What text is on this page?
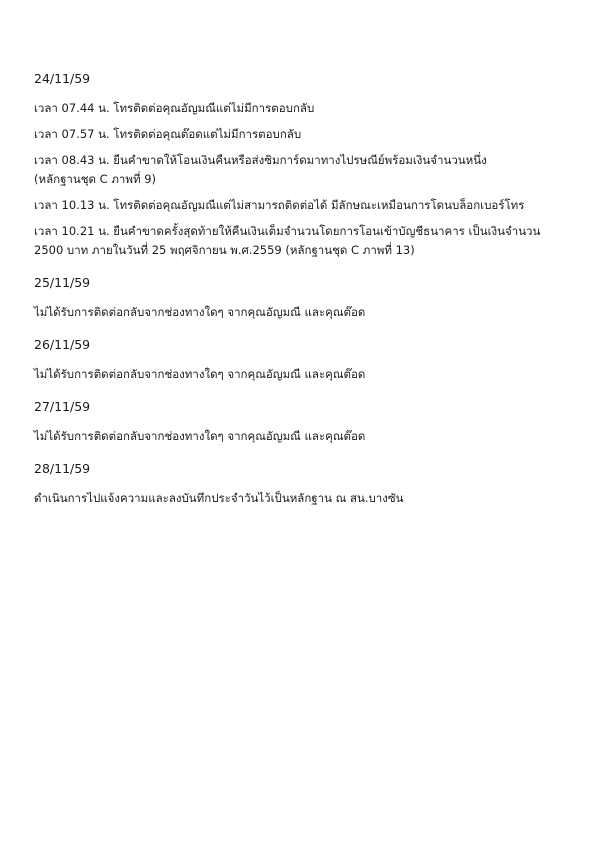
24/11/59

เวลา 07.44 น. โทรติดต่อคุณอัญมณีแต่ไม่มีการตอบกลับ

เวลา 07.57 น. โทรติดต่อคุณต๊อดแต่ไม่มีการตอบกลับ

เวลา 08.43 น. ยืนคำขาดให้โอนเงินคืนหรือส่งซิมการ์ดมาทางไปรษณีย์พร้อมเงินจำนวนหนึ่ง
(หลักฐานชุด C ภาพที่ 9)

เวลา 10.13 น. โทรติดต่อคุณอัญมณีแต่ไม่สามารถติดต่อได้ มีลักษณะเหมือนการโดนบล็อกเบอร์โทร

เวลา 10.21 น. ยืนคำขาดครั้งสุดท้ายให้คืนเงินเต็มจำนวนโดยการโอนเข้าบัญชีธนาคาร เป็นเงินจำนวน
2500 บาท ภายในวันที่ 25 พฤศจิกายน พ.ศ.2559 (หลักฐานชุด C ภาพที่ 13)

25/11/59

ไม่ได้รับการติดต่อกลับจากช่องทางใดๆ จากคุณอัญมณี และคุณต๊อด

26/11/59

ไม่ได้รับการติดต่อกลับจากช่องทางใดๆ จากคุณอัญมณี และคุณต๊อด

27/11/59

ไม่ได้รับการติดต่อกลับจากช่องทางใดๆ จากคุณอัญมณี และคุณต๊อด

28/11/59

ดำเนินการไปแจ้งความและลงบันทึกประจำวันไว้เป็นหลักฐาน ณ สน.บางซัน
